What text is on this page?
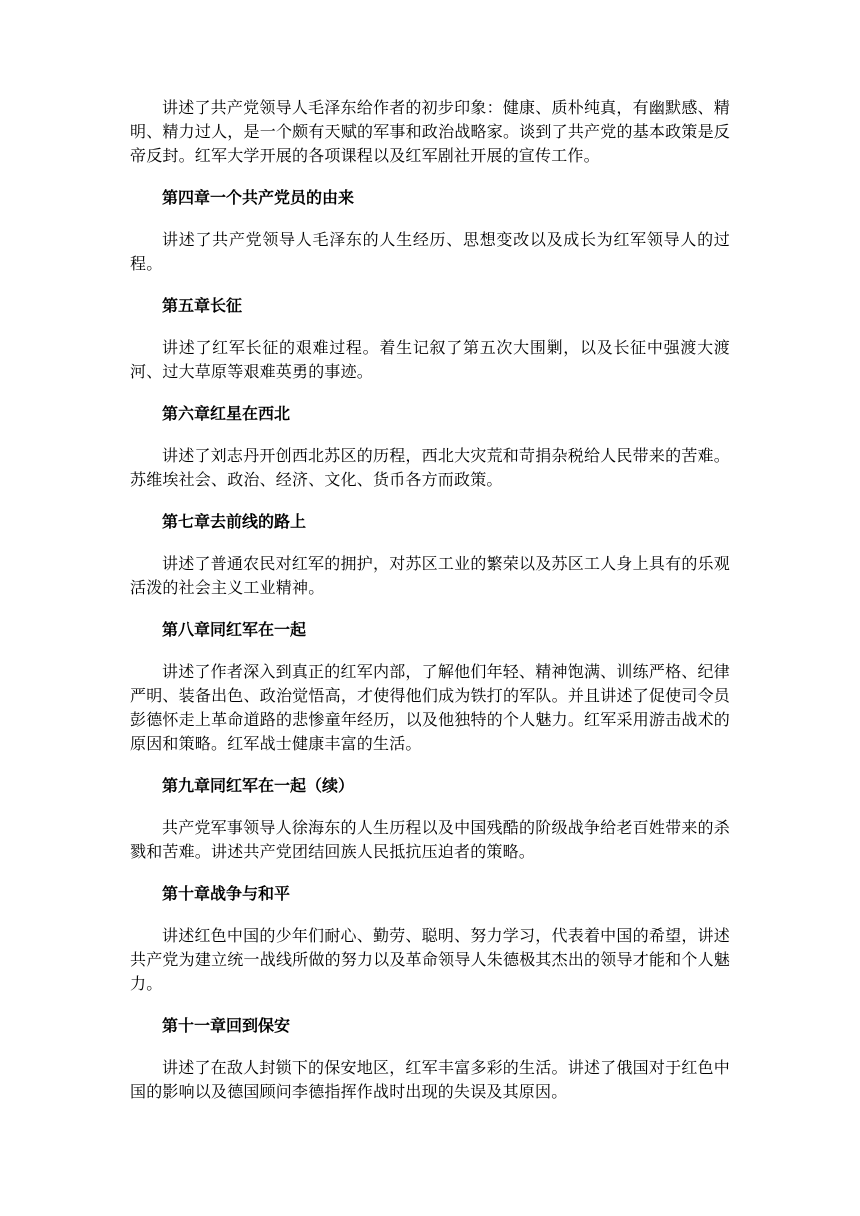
讲述了共产党领导人毛泽东给作者的初步印象：健康、质朴纯真，有幽默感、精明、精力过人，是一个颇有天赋的军事和政治战略家。谈到了共产党的基本政策是反帝反封。红军大学开展的各项课程以及红军剧社开展的宣传工作。

第四章一个共产党员的由来

讲述了共产党领导人毛泽东的人生经历、思想变改以及成长为红军领导人的过程。

第五章长征

讲述了红军长征的艰难过程。着生记叙了第五次大围剿，以及长征中强渡大渡河、过大草原等艰难英勇的事迹。

第六章红星在西北

讲述了刘志丹开创西北苏区的历程，西北大灾荒和苛捐杂税给人民带来的苦难。苏维埃社会、政治、经济、文化、货币各方而政策。

第七章去前线的路上

讲述了普通农民对红军的拥护，对苏区工业的繁荣以及苏区工人身上具有的乐观活泼的社会主义工业精神。

第八章同红军在一起

讲述了作者深入到真正的红军内部，了解他们年轻、精神饱满、训练严格、纪律严明、装备出色、政治觉悟高，才使得他们成为铁打的军队。并且讲述了促使司令员彭德怀走上革命道路的悲惨童年经历，以及他独特的个人魅力。红军采用游击战术的原因和策略。红军战士健康丰富的生活。

第九章同红军在一起（续）

共产党军事领导人徐海东的人生历程以及中国残酷的阶级战争给老百姓带来的杀戮和苦难。讲述共产党团结回族人民抵抗压迫者的策略。

第十章战争与和平

讲述红色中国的少年们耐心、勤劳、聪明、努力学习，代表着中国的希望，讲述共产党为建立统一战线所做的努力以及革命领导人朱德极其杰出的领导才能和个人魅力。

第十一章回到保安

讲述了在敌人封锁下的保安地区，红军丰富多彩的生活。讲述了俄国对于红色中国的影响以及德国顾问李德指挥作战时出现的失误及其原因。
